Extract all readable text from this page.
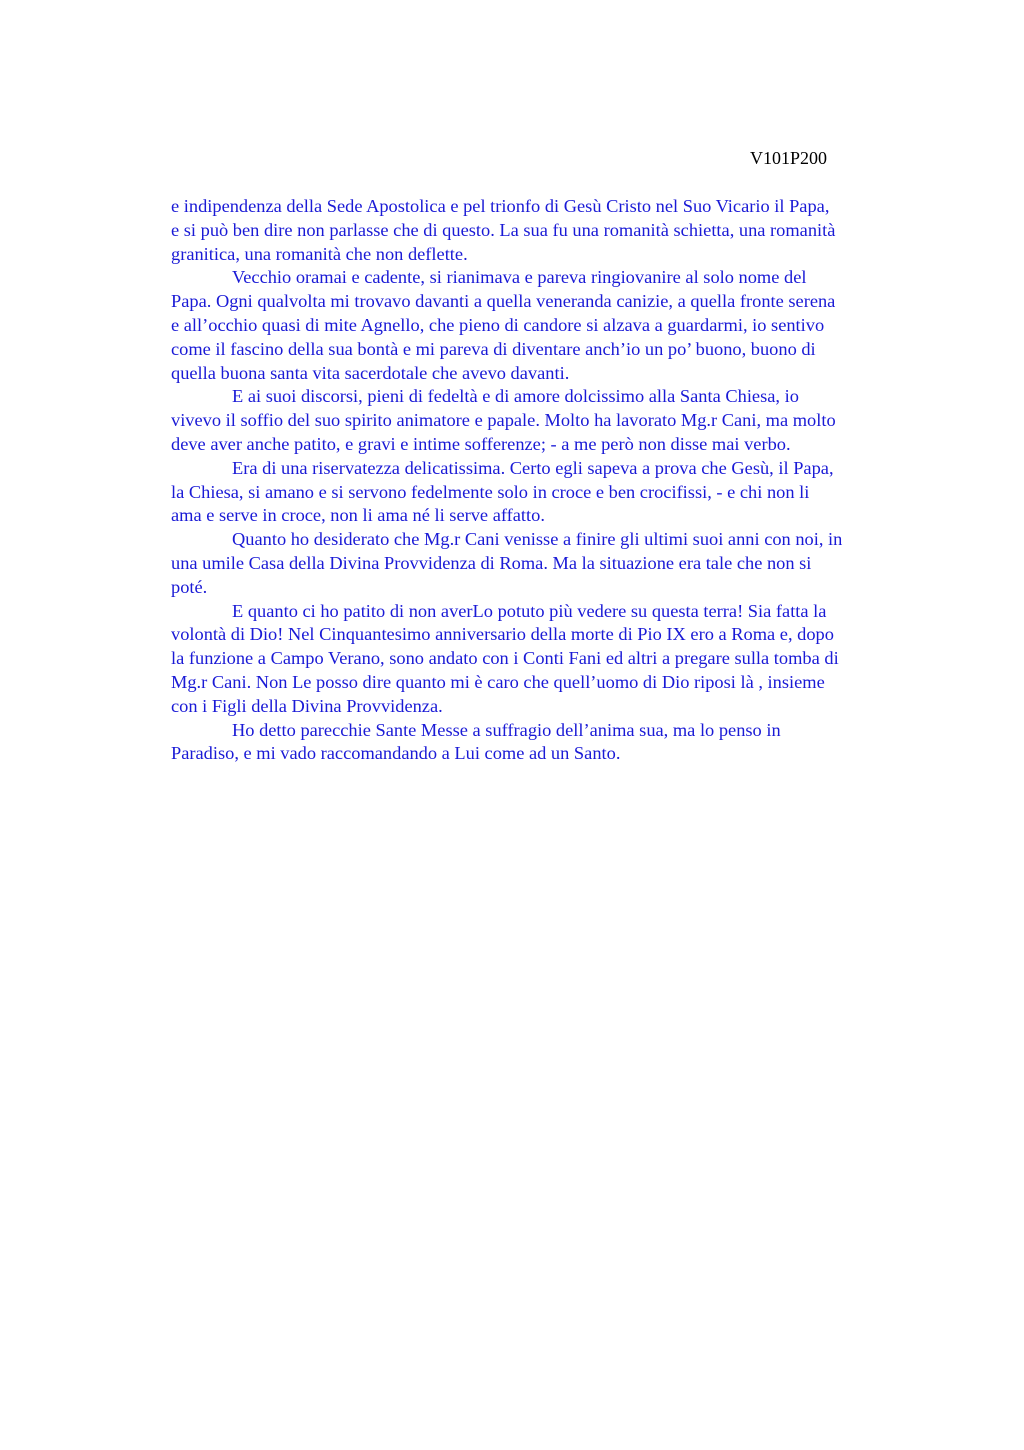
V101P200
e indipendenza della Sede Apostolica e pel trionfo di Gesù Cristo nel Suo Vicario il Papa,
e si può ben dire non parlasse che di questo. La sua fu una romanità schietta, una romanità
granitica, una romanità che non deflette.
Vecchio oramai e cadente, si rianimava e pareva ringiovanire al solo nome del
Papa. Ogni qualvolta mi trovavo davanti a quella veneranda canizie, a quella fronte serena
e all’occhio quasi di mite Agnello, che pieno di candore si alzava a guardarmi, io sentivo
come il fascino della sua bontà e mi pareva di diventare anch’io un po’ buono, buono di
quella buona santa vita sacerdotale che avevo davanti.
E ai suoi discorsi, pieni di fedeltà e di amore dolcissimo alla Santa Chiesa, io
vivevo il soffio del suo spirito animatore e papale. Molto ha lavorato Mg.r Cani, ma molto
deve aver anche patito, e gravi e intime sofferenze; - a me però non disse mai verbo.
Era di una riservatezza delicatissima. Certo egli sapeva a prova che Gesù, il Papa,
la Chiesa, si amano e si servono fedelmente solo in croce e ben crocifissi, - e chi non li
ama e serve in croce, non li ama né li serve affatto.
Quanto ho desiderato che Mg.r Cani venisse a finire gli ultimi suoi anni con noi, in
una umile Casa della Divina Provvidenza di Roma. Ma la situazione era tale che non si
poté.
E quanto ci ho patito di non averLo potuto più vedere su questa terra! Sia fatta la
volontà di Dio! Nel Cinquantesimo anniversario della morte di Pio IX ero a Roma e, dopo
la funzione a Campo Verano, sono andato con i Conti Fani ed altri a pregare sulla tomba di
Mg.r Cani. Non Le posso dire quanto mi è caro che quell’uomo di Dio riposi là , insieme
con i Figli della Divina Provvidenza.
Ho detto parecchie Sante Messe a suffragio dell’anima sua, ma lo penso in
Paradiso, e mi vado raccomandando a Lui come ad un Santo.
